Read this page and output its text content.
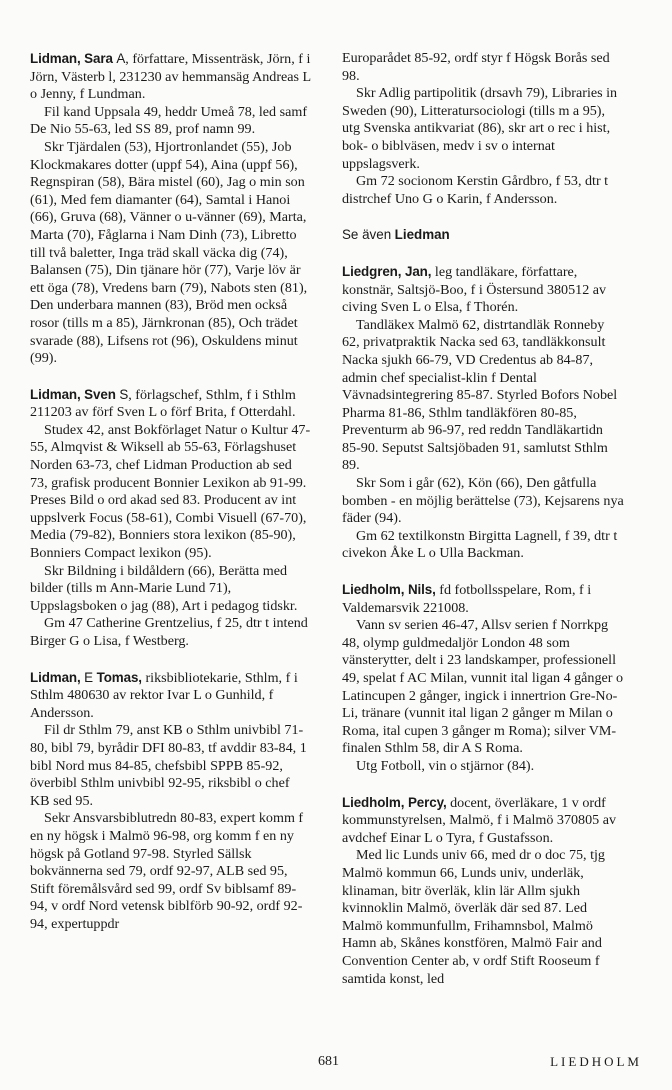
Lidman, Sara A, författare, Missenträsk, Jörn, f i Jörn, Västerb l, 231230 av hemmansäg Andreas L o Jenny, f Lundman.

Fil kand Uppsala 49, heddr Umeå 78, led samf De Nio 55-63, led SS 89, prof namn 99.

Skr Tjärdalen (53), Hjortronlandet (55), Job Klockmakares dotter (uppf 54), Aina (uppf 56), Regnspiran (58), Bära mistel (60), Jag o min son (61), Med fem diamanter (64), Samtal i Hanoi (66), Gruva (68), Vänner o u-vänner (69), Marta, Marta (70), Fåglarna i Nam Dinh (73), Libretto till två baletter, Inga träd skall väcka dig (74), Balansen (75), Din tjänare hör (77), Varje löv är ett öga (78), Vredens barn (79), Nabots sten (81), Den underbara mannen (83), Bröd men också rosor (tills m a 85), Järnkronan (85), Och trädet svarade (88), Lifsens rot (96), Oskuldens minut (99).

Lidman, Sven S, förlagschef, Sthlm, f i Sthlm 211203 av förf Sven L o förf Brita, f Otterdahl.

Studex 42, anst Bokförlaget Natur o Kultur 47-55, Almqvist & Wiksell ab 55-63, Förlagshuset Norden 63-73, chef Lidman Production ab sed 73, grafisk producent Bonnier Lexikon ab 91-99. Preses Bild o ord akad sed 83. Producent av int uppslverk Focus (58-61), Combi Visuell (67-70), Media (79-82), Bonniers stora lexikon (85-90), Bonniers Compact lexikon (95).

Skr Bildning i bildåldern (66), Berätta med bilder (tills m Ann-Marie Lund 71), Uppslagsboken o jag (88), Art i pedagog tidskr.

Gm 47 Catherine Grentzelius, f 25, dtr t intend Birger G o Lisa, f Westberg.

Lidman, E Tomas, riksbibliotekarie, Sthlm, f i Sthlm 480630 av rektor Ivar L o Gunhild, f Andersson.

Fil dr Sthlm 79, anst KB o Sthlm univbibl 71-80, bibl 79, byrådir DFI 80-83, tf avddir 83-84, 1 bibl Nord mus 84-85, chefsbibl SPPB 85-92, överbibl Sthlm univbibl 92-95, riksbibl o chef KB sed 95.

Sekr Ansvarsbiblutredn 80-83, expert komm f en ny högsk i Malmö 96-98, org komm f en ny högsk på Gotland 97-98. Styrled Sällsk bokvännerna sed 79, ordf 92-97, ALB sed 95, Stift föremålsvård sed 99, ordf Sv biblsamf 89-94, v ordf Nord vetensk biblförb 90-92, ordf 92-94, expertuppdr

Europarådet 85-92, ordf styr f Högsk Borås sed 98.

Skr Adlig partipolitik (drsavh 79), Libraries in Sweden (90), Litteratursociologi (tills m a 95), utg Svenska antikvariat (86), skr art o rec i hist, bok- o biblväsen, medv i sv o internat uppslagsverk.

Gm 72 socionom Kerstin Gårdbro, f 53, dtr t distrchef Uno G o Karin, f Andersson.

Se även Liedman

Liedgren, Jan, leg tandläkare, författare, konstnär, Saltsjö-Boo, f i Östersund 380512 av civing Sven L o Elsa, f Thorén.

Tandläkex Malmö 62, distrtandläk Ronneby 62, privatpraktik Nacka sed 63, tandläkkonsult Nacka sjukh 66-79, VD Credentus ab 84-87, admin chef specialist-klin f Dental Vävnadsintegrering 85-87. Styrled Bofors Nobel Pharma 81-86, Sthlm tandläkfören 80-85, Preventurm ab 96-97, red reddn Tandläkartidn 85-90. Seputst Saltsjöbaden 91, samlutst Sthlm 89.

Skr Som i går (62), Kön (66), Den gåtfulla bomben - en möjlig berättelse (73), Kejsarens nya fäder (94).

Gm 62 textilkonstn Birgitta Lagnell, f 39, dtr t civekon Åke L o Ulla Backman.

Liedholm, Nils, fd fotbollsspelare, Rom, f i Valdemarsvik 221008.

Vann sv serien 46-47, Allsv serien f Norrkpg 48, olymp guldmedaljör London 48 som vänsterytter, delt i 23 landskamper, professionell 49, spelat f AC Milan, vunnit ital ligan 4 gånger o Latincupen 2 gånger, ingick i innertrion Gre-No-Li, tränare (vunnit ital ligan 2 gånger m Milan o Roma, ital cupen 3 gånger m Roma); silver VM-finalen Sthlm 58, dir A S Roma.

Utg Fotboll, vin o stjärnor (84).

Liedholm, Percy, docent, överläkare, 1 v ordf kommunstyrelsen, Malmö, f i Malmö 370805 av avdchef Einar L o Tyra, f Gustafsson.

Med lic Lunds univ 66, med dr o doc 75, tjg Malmö kommun 66, Lunds univ, underläk, klinaman, bitr överläk, klin lär Allm sjukh kvinnoklin Malmö, överläk där sed 87. Led Malmö kommunfullm, Frihamnsbol, Malmö Hamn ab, Skånes konstfören, Malmö Fair and Convention Center ab, v ordf Stift Rooseum f samtida konst, led

681	LIEDHOLM
